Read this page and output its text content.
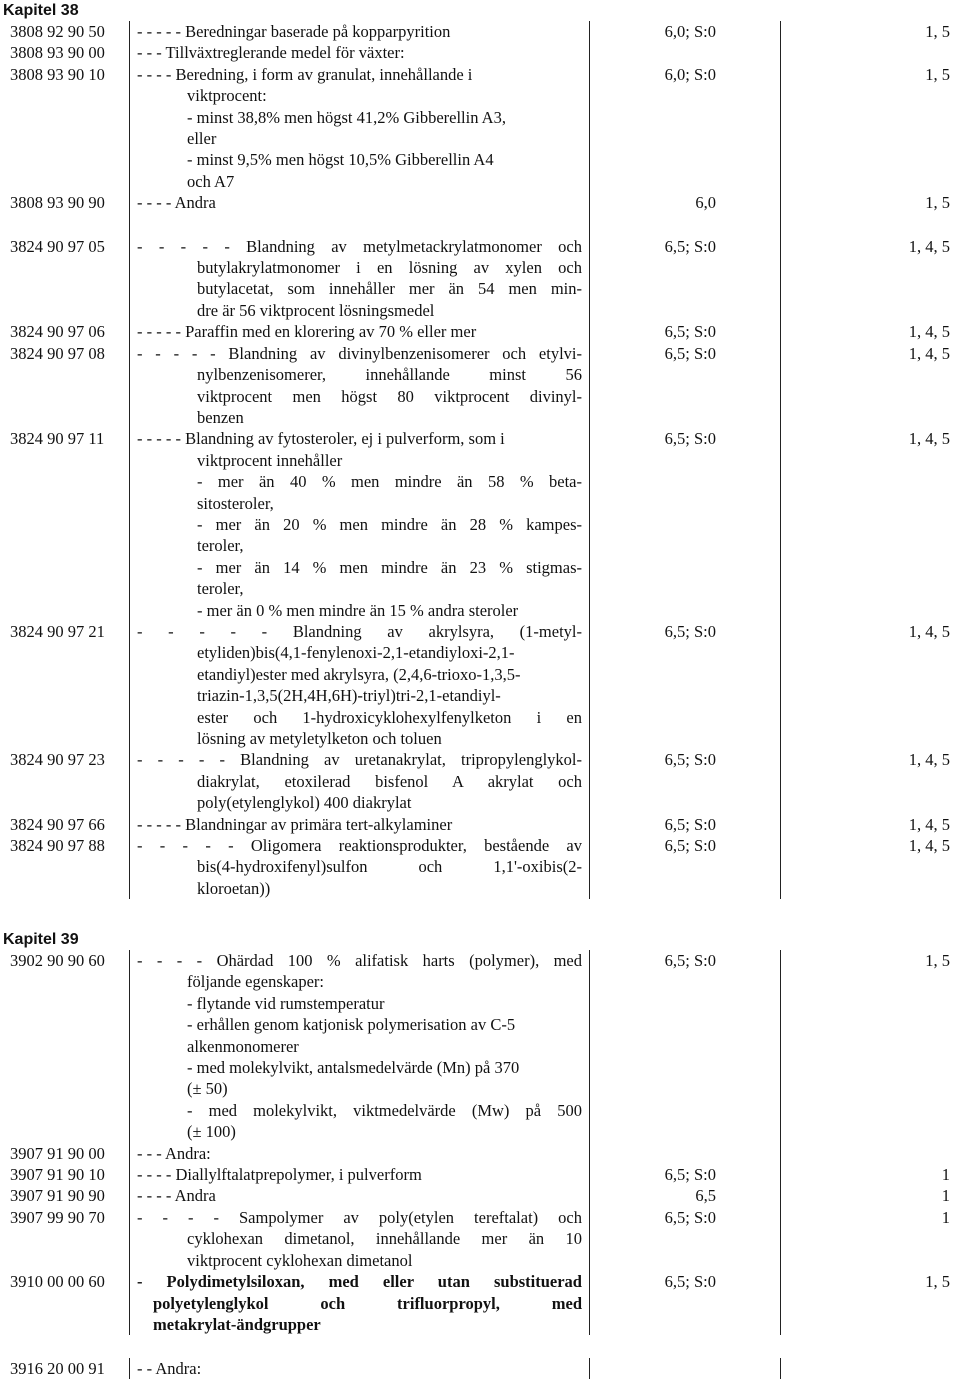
Kapitel 38
3808 92 90 50	- - - - - Beredningar baserade på kopparpyrition	6,0; S:0	1, 5
3808 93 90 00	- - - Tillväxtreglerande medel för växter:
3808 93 90 10	- - - - Beredning, i form av granulat, innehållande i
viktprocent:
- minst 38,8% men högst 41,2% Gibberellin A3,
eller
- minst 9,5% men högst 10,5% Gibberellin A4
och A7
6,0; S:0	1, 5
3808 93 90 90	- - - - Andra	6,0	1, 5
3824 90 97 05	- - - - - Blandning av metylmetackrylatmonomer och
butylakrylatmonomer i en lösning av xylen och
butylacetat, som innehåller mer än 54 men min-
dre är 56 viktprocent lösningsmedel
6,5; S:0	1, 4, 5
3824 90 97 06	- - - - - Paraffin med en klorering av 70 % eller mer	6,5; S:0	1, 4, 5
3824 90 97 08	- - - - - Blandning av divinylbenzenisomerer och etylvi-
nylbenzenisomerer, innehållande minst 56
viktprocent men högst 80 viktprocent divinyl-
benzen
6,5; S:0	1, 4, 5
3824 90 97 11	- - - - - Blandning av fytosteroler, ej i pulverform, som i
viktprocent innehåller
- mer än 40 % men mindre än 58 % beta-
sitosteroler,
- mer än 20 % men mindre än 28 % kampes-
teroler,
- mer än 14 % men mindre än 23 % stigmas-
teroler,
- mer än 0 % men mindre än 15 % andra steroler
6,5; S:0	1, 4, 5
3824 90 97 21	- - - - - Blandning av akrylsyra, (1-metyl-
etyliden)bis(4,1-fenylenoxi-2,1-etandiyloxi-2,1-
etandiyl)ester med akrylsyra, (2,4,6-trioxo-1,3,5-
triazin-1,3,5(2H,4H,6H)-triyl)tri-2,1-etandiyl-
ester och 1-hydroxicyklohexylfenylketon i en
lösning av metyletylketon och toluen
6,5; S:0	1, 4, 5
3824 90 97 23	- - - - - Blandning av uretanakrylat, tripropylenglykol-
diakrylat, etoxilerad bisfenol A akrylat och
poly(etylenglykol) 400 diakrylat
6,5; S:0	1, 4, 5
3824 90 97 66	- - - - - Blandningar av primära tert-alkylaminer	6,5; S:0	1, 4, 5
3824 90 97 88	- - - - - Oligomera reaktionsprodukter, bestående av
bis(4-hydroxifenyl)sulfon och 1,1'-oxibis(2-
kloroetan))
6,5; S:0	1, 4, 5
Kapitel 39
3902 90 90 60	- - - - Ohärdad 100 % alifatisk harts (polymer), med
följande egenskaper:
- flytande vid rumstemperatur
- erhållen genom katjonisk polymerisation av C-5
alkenmonomerer
- med molekylvikt, antalsmedelvärde (Mn) på 370
(± 50)
- med molekylvikt, viktmedelvärde (Mw) på 500
(± 100)
6,5; S:0	1, 5
3907 91 90 00	- - - Andra:
3907 91 90 10	- - - - Diallylftalatprepolymer, i pulverform	6,5; S:0	1
3907 91 90 90	- - - - Andra	6,5	1
3907 99 90 70	- - - - Sampolymer av poly(etylen tereftalat) och
cyklohexan dimetanol, innehållande mer än 10
viktprocent cyklohexan dimetanol
6,5; S:0	1
3910 00 00 60	- Polydimetylsiloxan, med eller utan substituerad
polyetylenglykol och trifluorpropyl, med
metakrylat-ändgrupper
6,5; S:0	1, 5
3916 20 00 91	- - Andra:
